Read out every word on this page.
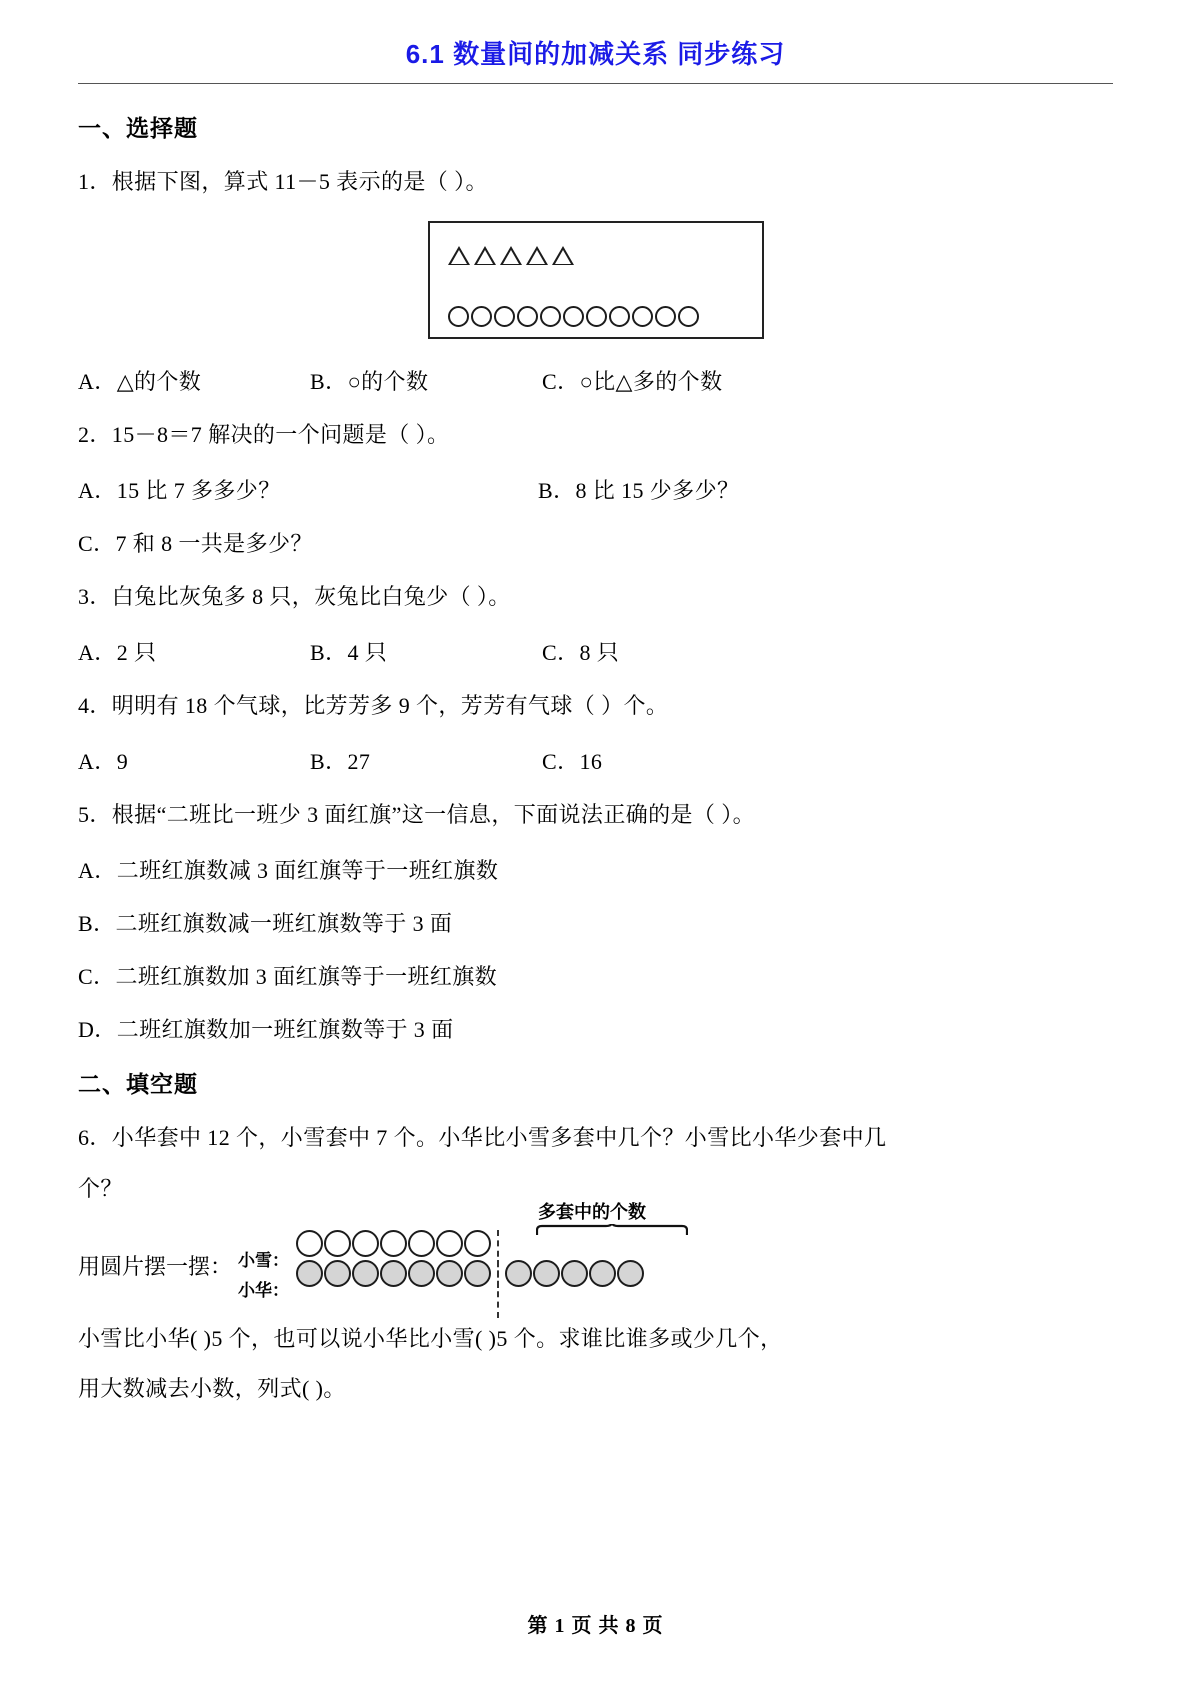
6.1 数量间的加减关系 同步练习
一、选择题
1．根据下图，算式 11－5 表示的是（ ）。
A．△的个数	B．○的个数	C．○比△多的个数
2．15－8＝7 解决的一个问题是（ ）。
A．15 比 7 多多少？	B．8 比 15 少多少？
C．7 和 8 一共是多少？
3．白兔比灰兔多 8 只，灰兔比白兔少（ ）。
A．2 只	B．4 只	C．8 只
4．明明有 18 个气球，比芳芳多 9 个，芳芳有气球（ ）个。
A．9	B．27	C．16
5．根据“二班比一班少 3 面红旗”这一信息，下面说法正确的是（ ）。
A．二班红旗数减 3 面红旗等于一班红旗数
B．二班红旗数减一班红旗数等于 3 面
C．二班红旗数加 3 面红旗等于一班红旗数
D．二班红旗数加一班红旗数等于 3 面
二、填空题
6．小华套中 12 个，小雪套中 7 个。小华比小雪多套中几个？小雪比小华少套中几
个？
用圆片摆一摆：
多套中的个数
小雪：
小华：
小雪比小华( )5 个，也可以说小华比小雪( )5 个。求谁比谁多或少几个，
用大数减去小数，列式( )。
第 1 页 共 8 页
